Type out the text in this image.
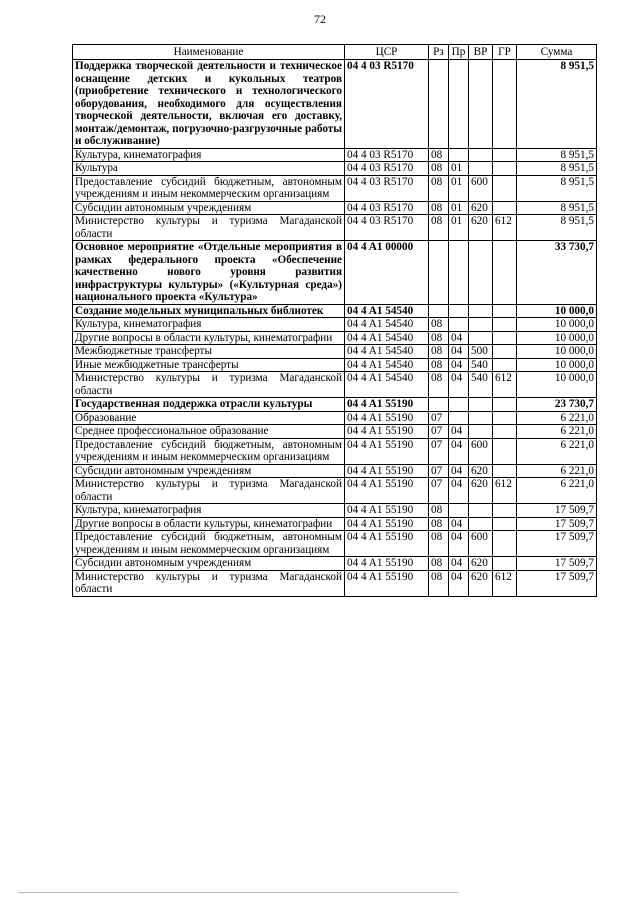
72
Наименование	ЦСР	Рз	Пр	ВР	ГР	Сумма
Поддержка творческой деятельности и техническое оснащение детских и кукольных театров (приобретение технического и технологического оборудования, необходимого для осуществления творческой деятельности, включая его доставку, монтаж/демонтаж, погрузочно-разгрузочные работы и обслуживание)	04 4 03 R5170					8 951,5
Культура, кинематография	04 4 03 R5170	08				8 951,5
Культура	04 4 03 R5170	08	01			8 951,5
Предоставление субсидий бюджетным, автономным учреждениям и иным некоммерческим организациям	04 4 03 R5170	08	01	600		8 951,5
Субсидии автономным учреждениям	04 4 03 R5170	08	01	620		8 951,5
Министерство культуры и туризма Магаданской области	04 4 03 R5170	08	01	620	612	8 951,5
Основное мероприятие «Отдельные мероприятия в рамках федерального проекта «Обеспечение качественно нового уровня развития инфраструктуры культуры» («Культурная среда») национального проекта «Культура»	04 4 A1 00000					33 730,7
Создание модельных муниципальных библиотек	04 4 A1 54540					10 000,0
Культура, кинематография	04 4 A1 54540	08				10 000,0
Другие вопросы в области культуры, кинематографии	04 4 A1 54540	08	04			10 000,0
Межбюджетные трансферты	04 4 A1 54540	08	04	500		10 000,0
Иные межбюджетные трансферты	04 4 A1 54540	08	04	540		10 000,0
Министерство культуры и туризма Магаданской области	04 4 A1 54540	08	04	540	612	10 000,0
Государственная поддержка отрасли культуры	04 4 A1 55190					23 730,7
Образование	04 4 A1 55190	07				6 221,0
Среднее профессиональное образование	04 4 A1 55190	07	04			6 221,0
Предоставление субсидий бюджетным, автономным учреждениям и иным некоммерческим организациям	04 4 A1 55190	07	04	600		6 221,0
Субсидии автономным учреждениям	04 4 A1 55190	07	04	620		6 221,0
Министерство культуры и туризма Магаданской области	04 4 A1 55190	07	04	620	612	6 221,0
Культура, кинематография	04 4 A1 55190	08				17 509,7
Другие вопросы в области культуры, кинематографии	04 4 A1 55190	08	04			17 509,7
Предоставление субсидий бюджетным, автономным учреждениям и иным некоммерческим организациям	04 4 A1 55190	08	04	600		17 509,7
Субсидии автономным учреждениям	04 4 A1 55190	08	04	620		17 509,7
Министерство культуры и туризма Магаданской области	04 4 A1 55190	08	04	620	612	17 509,7
